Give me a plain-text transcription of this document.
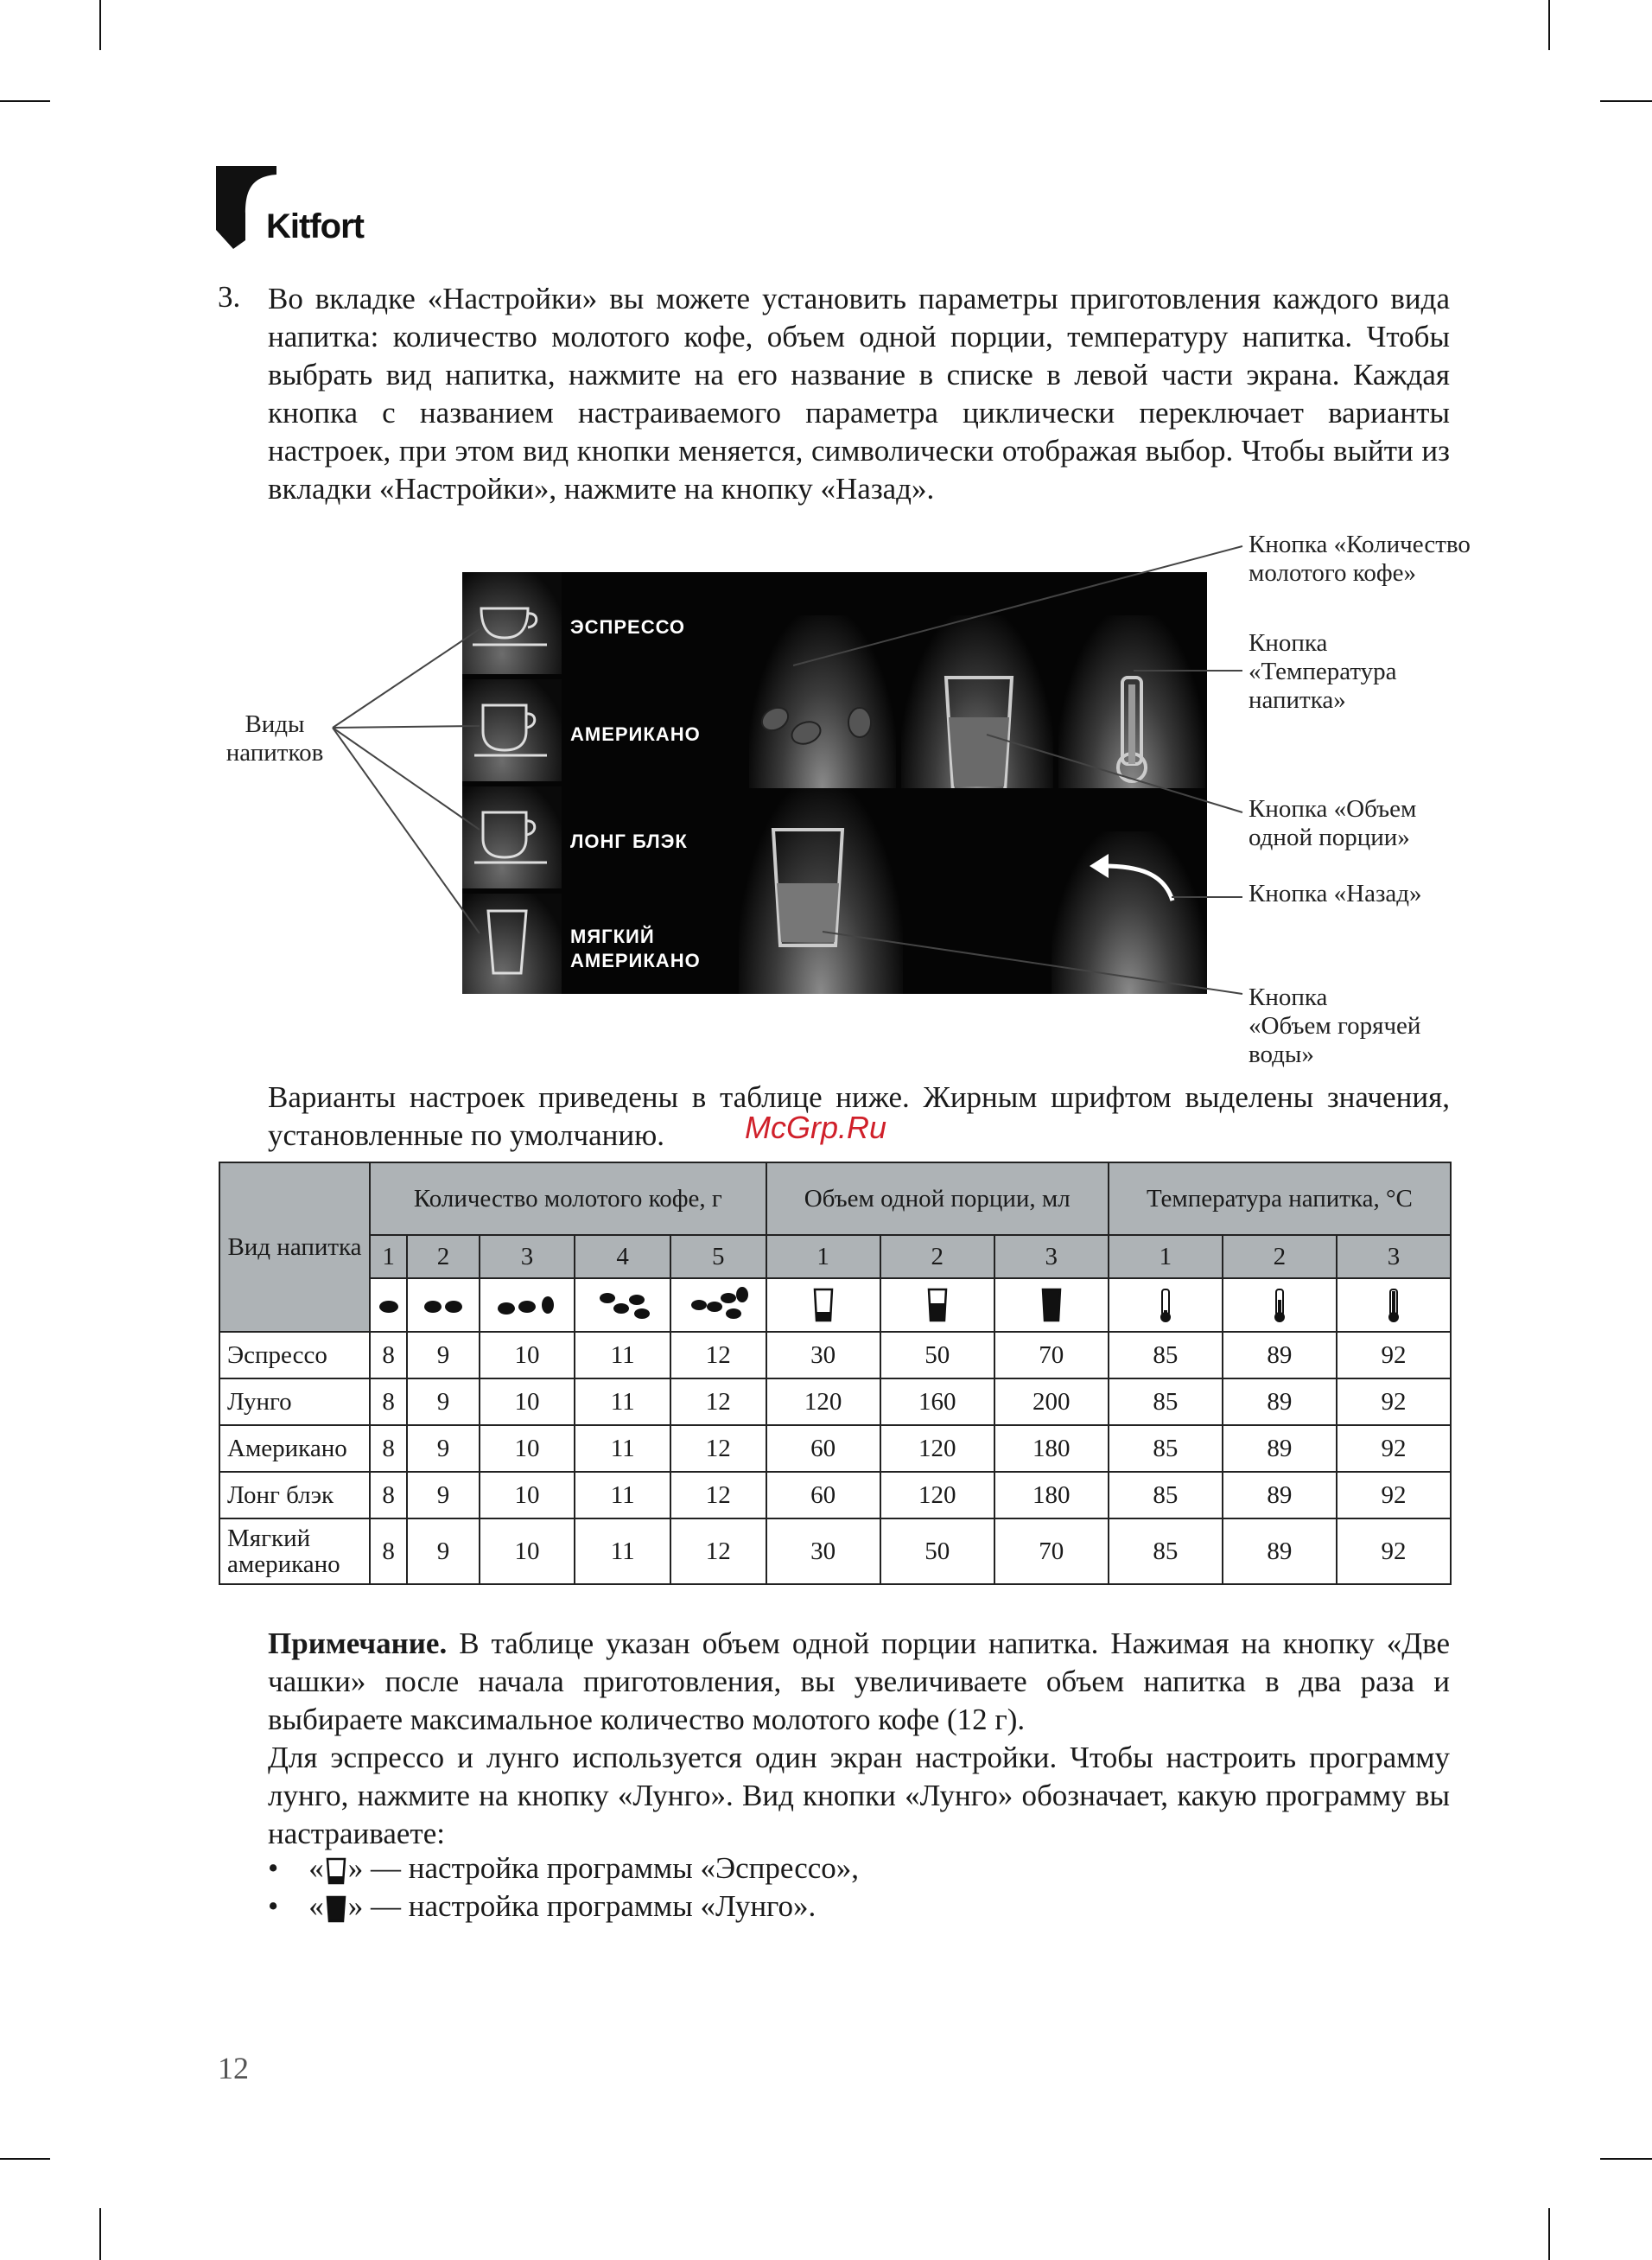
Kitfort
3. Во вкладке «Настройки» вы можете установить параметры приготовления каждого вида напитка: количество молотого кофе, объем одной порции, температуру напитка. Чтобы выбрать вид напитка, нажмите на его название в списке в левой части экрана. Каждая кнопка с названием настраиваемого параметра циклически переключает варианты настроек, при этом вид кнопки меняется, символически отображая выбор. Чтобы выйти из вкладки «Настройки», нажмите на кнопку «Назад».
ЭСПРЕССО
АМЕРИКАНО
ЛОНГ БЛЭК
МЯГКИЙ
АМЕРИКАНО
Виды
напитков
Кнопка «Количество
молотого кофе»
Кнопка
«Температура
напитка»
Кнопка «Объем
одной порции»
Кнопка «Назад»
Кнопка
«Объем горячей
воды»
Варианты настроек приведены в таблице ниже. Жирным шрифтом выделены значения, установленные по умолчанию.	McGrp.Ru
Вид напитка	Количество молотого кофе, г					Объем одной порции, мл			Температура напитка, °C		
	1	2	3	4	5	1	2	3	1	2	3

Эспрессо	8	9	10	11	12	30	50	70	85	89	92
Лунго	8	9	10	11	12	120	160	200	85	89	92
Американо	8	9	10	11	12	60	120	180	85	89	92
Лонг блэк	8	9	10	11	12	60	120	180	85	89	92
Мягкий
американо	8	9	10	11	12	30	50	70	85	89	92
Примечание. В таблице указан объем одной порции напитка. Нажимая на кнопку «Две чашки» после начала приготовления, вы увеличиваете объем напитка в два раза и выбираете максимальное количество молотого кофе (12 г).
Для эспрессо и лунго используется один экран настройки. Чтобы настроить программу лунго, нажмите на кнопку «Лунго». Вид кнопки «Лунго» обозначает, какую программу вы настраиваете:
•    « » — настройка программы «Эспрессо»,
•    « » — настройка программы «Лунго».
12
